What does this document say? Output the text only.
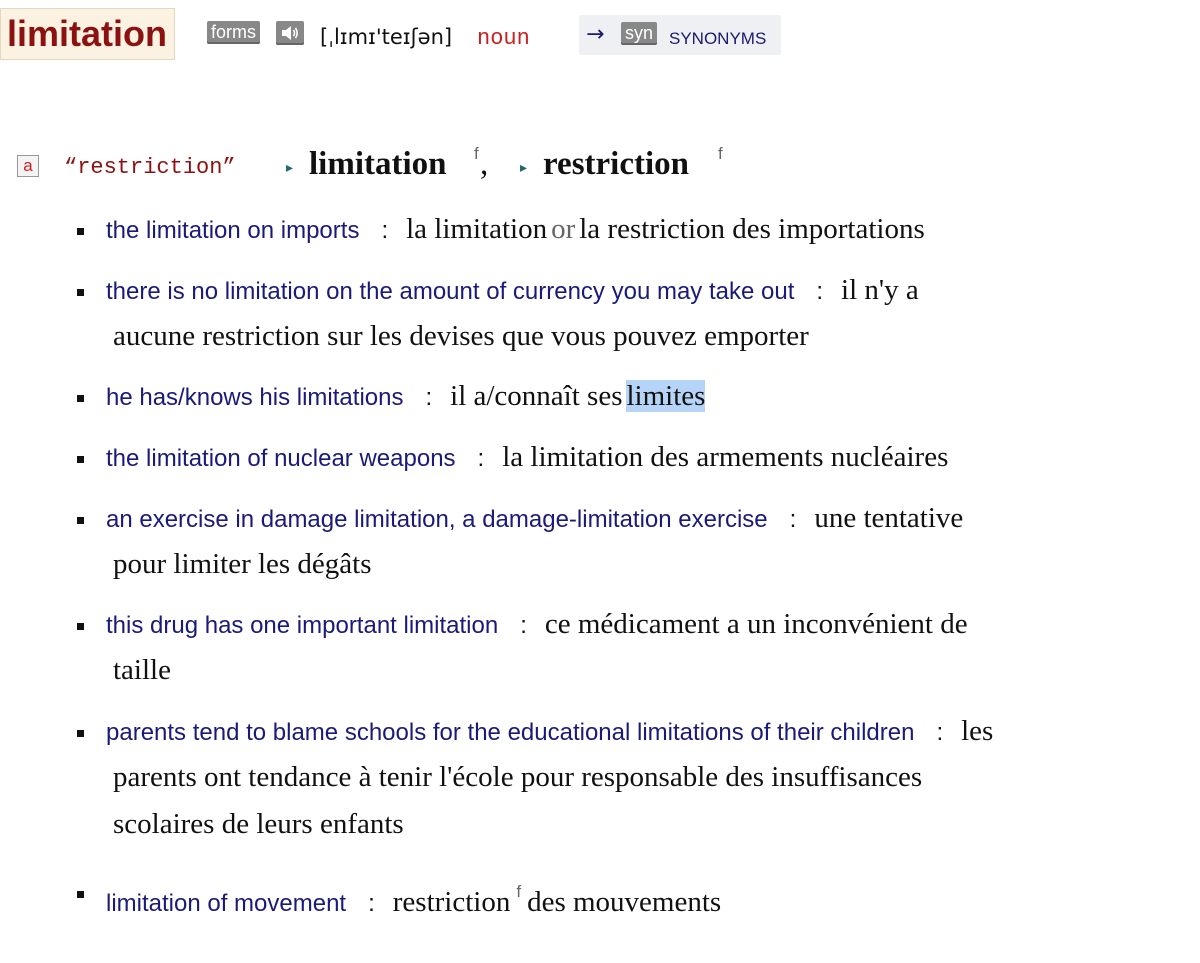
limitation	forms	[ˌlɪmɪ'teɪʃən] noun	→ syn SYNONYMS
a “restriction”	▸ limitation f , ▸ restriction f
the limitation on imports : la limitation or la restriction des importations
there is no limitation on the amount of currency you may take out : il n'y a
aucune restriction sur les devises que vous pouvez emporter
he has/knows his limitations : il a/connaît ses limites
the limitation of nuclear weapons : la limitation des armements nucléaires
an exercise in damage limitation, a damage-limitation exercise : une tentative
pour limiter les dégâts
this drug has one important limitation : ce médicament a un inconvénient de
taille
parents tend to blame schools for the educational limitations of their children : les
parents ont tendance à tenir l'école pour responsable des insuffisances
scolaires de leurs enfants
limitation of movement : restriction f des mouvements
